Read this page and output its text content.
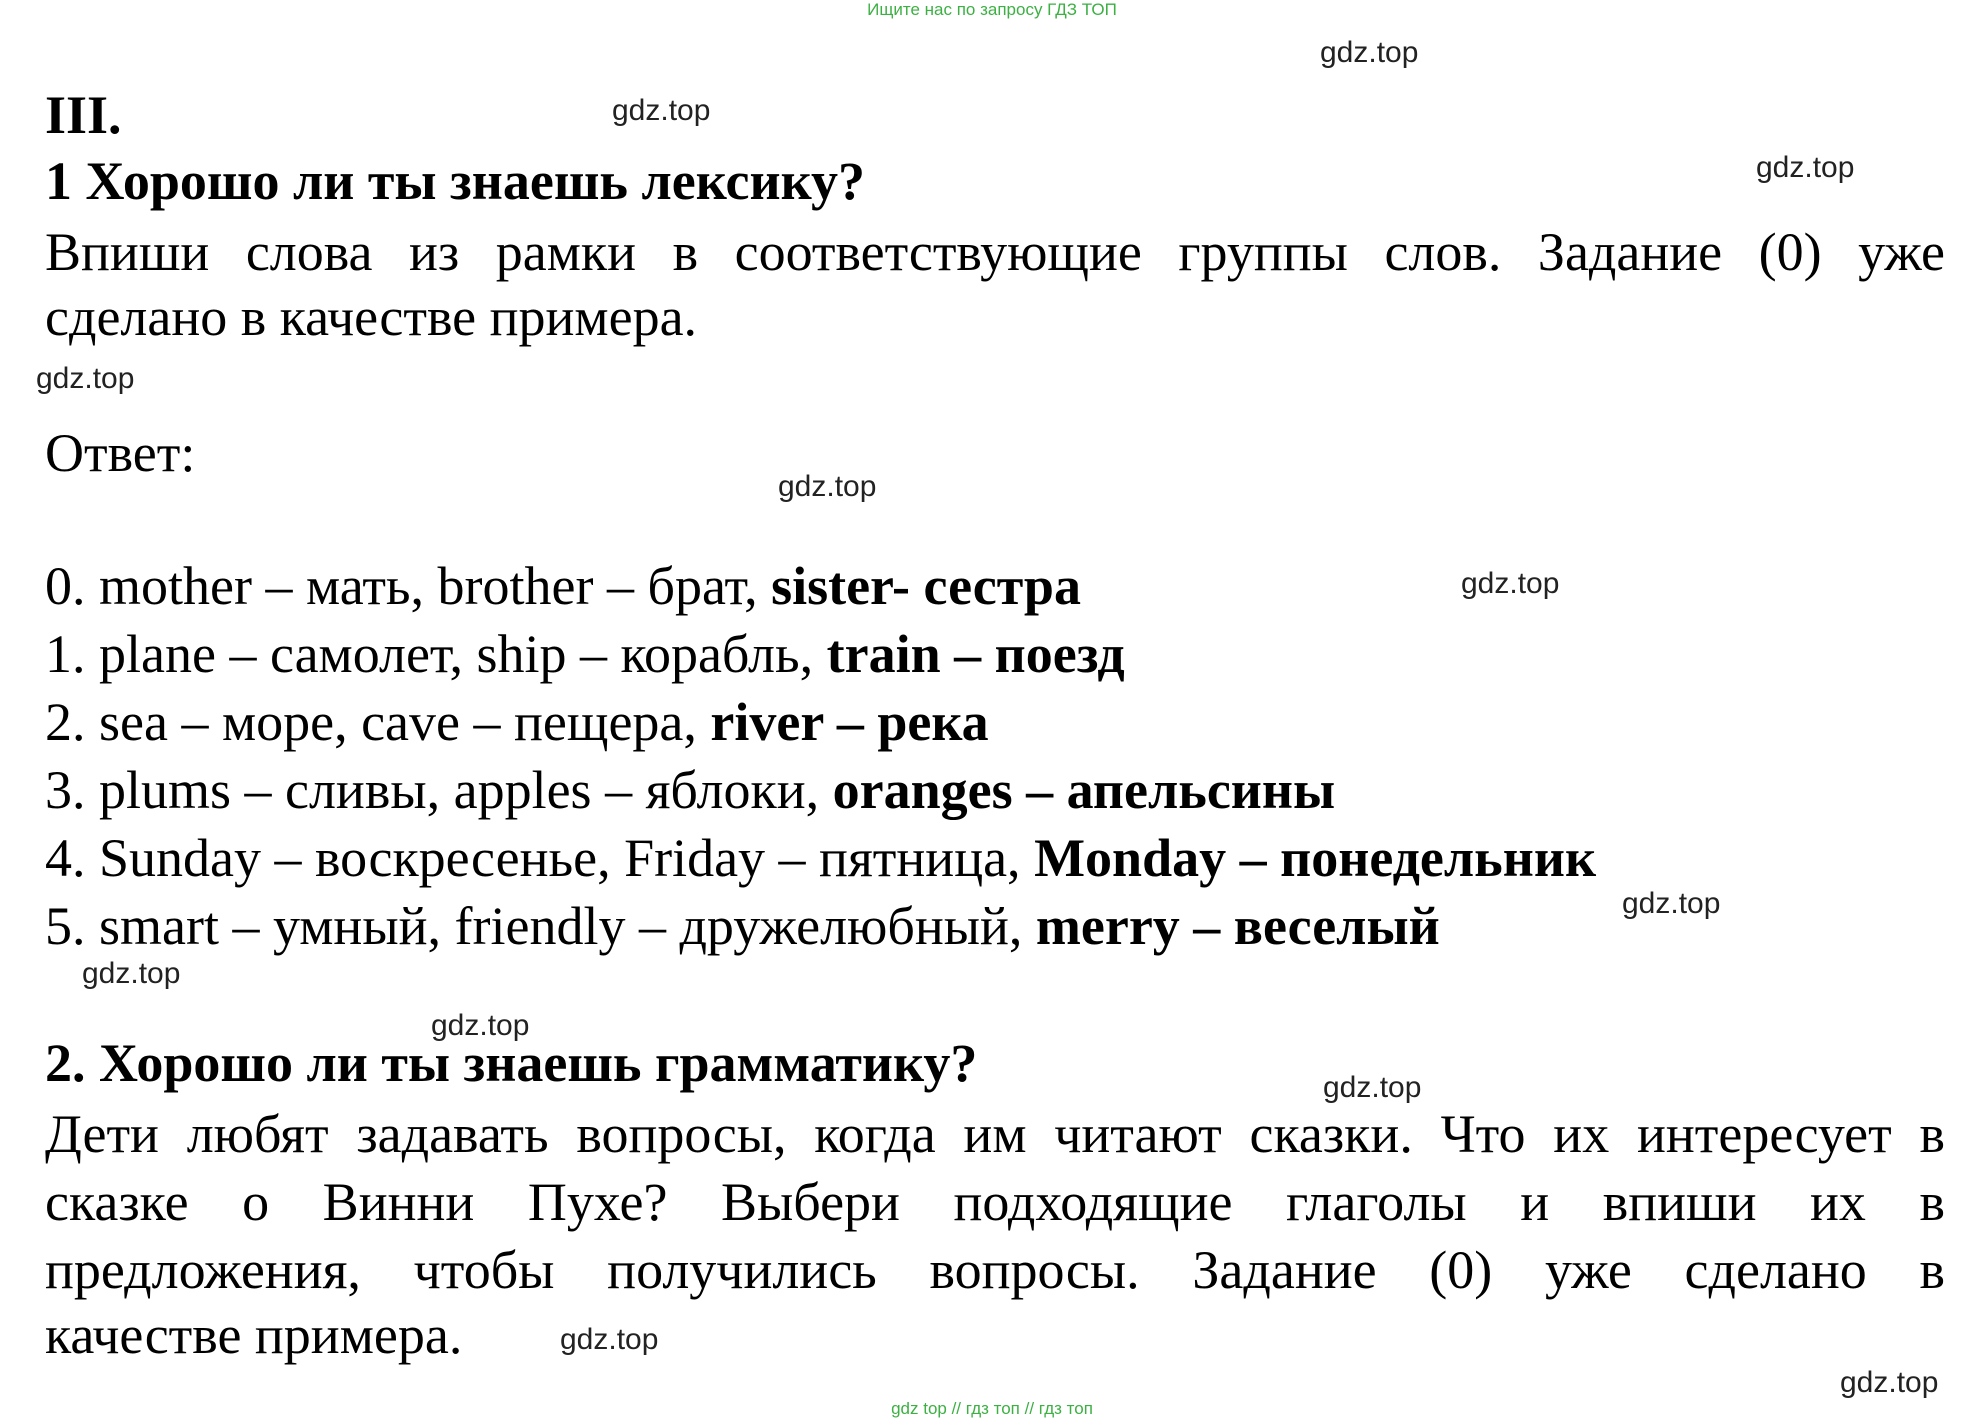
Ищите нас по запросу ГДЗ ТОП
gdz.top
gdz.top
gdz.top
gdz.top
gdz.top
gdz.top
gdz.top
gdz.top
gdz.top
gdz.top
gdz.top
gdz.top
III.
1 Хорошо ли ты знаешь лексику?
Впиши слова из рамки в соответствующие группы слов. Задание (0) уже
сделано в качестве примера.
Ответ:
0. mother – мать, brother – брат, sister- сестра
1. plane – самолет, ship – корабль, train – поезд
2. sea – море, cave – пещера, river – река
3. plums – сливы, apples – яблоки, oranges – апельсины
4. Sunday – воскресенье, Friday – пятница, Monday – понедельник
5. smart – умный, friendly – дружелюбный, merry – веселый
2. Хорошо ли ты знаешь грамматику?
Дети любят задавать вопросы, когда им читают сказки. Что их интересует в
сказке о Винни Пухе? Выбери подходящие глаголы и впиши их в
предложения, чтобы получились вопросы. Задание (0) уже сделано в
качестве примера.
gdz top // гдз топ // гдз топ
